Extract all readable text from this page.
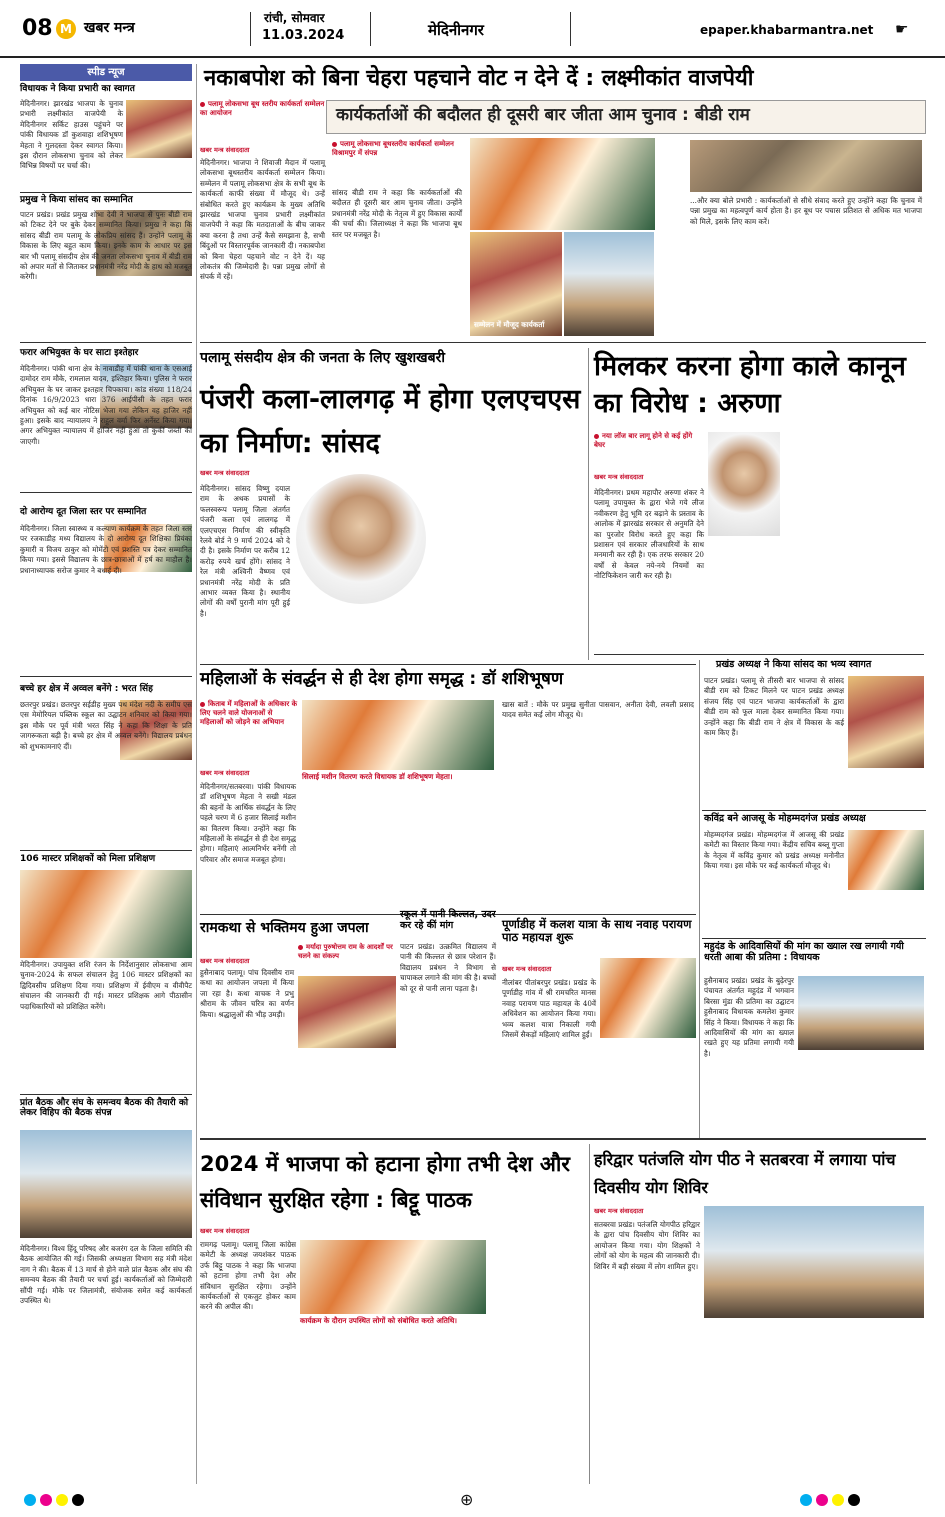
08 M खबर मन्त्र
रांची, सोमवार
11.03.2024	मेदिनीनगर	epaper.khabarmantra.net ☛
स्पीड न्यूज
विधायक ने किया प्रभारी का स्वागत
मेदिनीनगर। झारखंड भाजपा के चुनाव प्रभारी लक्ष्मीकांत वाजपेयी के मेदिनीनगर सर्किट हाउस पहुंचने पर पांकी विधायक डॉ कुशवाहा शशिभूषण मेहता ने गुलदस्ता देकर स्वागत किया। इस दौरान लोकसभा चुनाव को लेकर विभिन्न विषयों पर चर्चा की।
प्रमुख ने किया सांसद का सम्मानित
पाटन प्रखंड। प्रखंड प्रमुख शोभा देवी ने भाजपा से पुनः बीडी राम को टिकट देने पर बुके देकर सम्मानित किया। प्रमुख ने कहा कि सांसद बीडी राम पलामू के लोकप्रिय सांसद हैं। उन्होंने पलामू के विकास के लिए बहुत काम किया। इनके काम के आधार पर इस बार भी पलामू संसदीय क्षेत्र की जनता लोकसभा चुनाव में बीडी राम को अपार मतों से जिताकर प्रधानमंत्री नरेंद्र मोदी के हाथ को मजबूत करेगी।
फरार अभियुक्त के घर साटा इश्तेहार
मेदिनीनगर। पांकी थाना क्षेत्र के नावाडीह में पांकी थाना के एसआई दामोदर राम मौके, रामलाल यादव, इश्तिहार किया। पुलिस ने फरार अभियुक्त के घर जाकर इश्तहार चिपकाया। कांड संख्या 118/24 दिनांक 16/9/2023 धारा 376 आईपीसी के तहत फरार अभियुक्त को कई बार नोटिस भेजा गया लेकिन वह हाजिर नहीं हुआ। इसके बाद न्यायालय ने राहुल वर्मा फिर अर्नेस्ट किया गया। अगर अभियुक्त न्यायालय में हाजिर नहीं हुआ तो कुर्की जब्ती की जाएगी।
दो आरोग्य दूत जिला स्तर पर सम्मानित
मेदिनीनगर। जिला स्वास्थ्य व कल्याण कार्यक्रम के तहत जिला स्तर पर रजकाडीह मध्य विद्यालय के दो आरोग्य दूत शिक्षिका प्रियंका कुमारी व विजय ठाकुर को मोमेंटो एवं प्रशस्ति पत्र देकर सम्मानित किया गया। इससे विद्यालय के छात्र-छात्राओं में हर्ष का माहौल है। प्रधानाध्यापक सरोज कुमार ने बधाई दी।
बच्चे हर क्षेत्र में अव्वल बनेंगे : भरत सिंह
छतरपुर प्रखंड। छतरपुर सईडीह मुख्य पथ मंदेश नदी के समीप एस एस मेमोरियल पब्लिक स्कूल का उद्घाटन शनिवार को किया गया। इस मौके पर पूर्व मंत्री भरत सिंह ने कहा कि शिक्षा के प्रति जागरूकता बढ़ी है। बच्चे हर क्षेत्र में अव्वल बनेंगे। विद्यालय प्रबंधन को शुभकामनाएं दीं।
106 मास्टर प्रशिक्षकों को मिला प्रशिक्षण
मेदिनीनगर। उपायुक्त शशि रंजन के निर्देशानुसार लोकसभा आम चुनाव-2024 के सफल संचालन हेतु 106 मास्टर प्रशिक्षकों का द्विदिवसीय प्रशिक्षण दिया गया। प्रशिक्षण में ईवीएम व वीवीपैट संचालन की जानकारी दी गई। मास्टर प्रशिक्षक आगे पीठासीन पदाधिकारियों को प्रशिक्षित करेंगे।
प्रांत बैठक और संघ के समन्वय बैठक की तैयारी को लेकर विहिप की बैठक संपन्न
मेदिनीनगर। विश्व हिंदू परिषद और बजरंग दल के जिला समिति की बैठक आयोजित की गई। जिसकी अध्यक्षता विभाग सह मंत्री मंदेश नाग ने की। बैठक में 13 मार्च से होने वाले प्रांत बैठक और संघ की समन्वय बैठक की तैयारी पर चर्चा हुई। कार्यकर्ताओं को जिम्मेदारी सौंपी गई। मौके पर जिलामंत्री, संयोजक समेत कई कार्यकर्ता उपस्थित थे।
नकाबपोश को बिना चेहरा पहचाने वोट न देने दें : लक्ष्मीकांत वाजपेयी
पलामू लोकसभा बूथ स्तरीय कार्यकर्ता सम्मेलन का आयोजन	कार्यकर्ताओं की बदौलत ही दूसरी बार जीता आम चुनाव : बीडी राम
खबर मन्त्र संवाददाता
मेदिनीनगर। भाजपा ने शिवाजी मैदान में पलामू लोकसभा बूथस्तरीय कार्यकर्ता सम्मेलन किया। सम्मेलन में पलामू लोकसभा क्षेत्र के सभी बूथ के कार्यकर्ता काफी संख्या में मौजूद थे। उन्हें संबोधित करते हुए कार्यक्रम के मुख्य अतिथि झारखंड भाजपा चुनाव प्रभारी लक्ष्मीकांत वाजपेयी ने कहा कि मतदाताओं के बीच जाकर क्या करना है तथा उन्हें कैसे समझाना है, सभी बिंदुओं पर विस्तारपूर्वक जानकारी दी। नकाबपोश को बिना चेहरा पहचाने वोट न देने दें। यह लोकतंत्र की जिम्मेदारी है। पन्ना प्रमुख लोगों से संपर्क में रहें।
पलामू लोकसभा बूथस्तरीय कार्यकर्ता सम्मेलन विश्रामपुर में संपन्न
सांसद बीडी राम ने कहा कि कार्यकर्ताओं की बदौलत ही दूसरी बार आम चुनाव जीता। उन्होंने प्रधानमंत्री नरेंद्र मोदी के नेतृत्व में हुए विकास कार्यों की चर्चा की। जिलाध्यक्ष ने कहा कि भाजपा बूथ स्तर पर मजबूत है।
सम्मेलन में मौजूद कार्यकर्ता
...और क्या बोले प्रभारी : कार्यकर्ताओं से सीधे संवाद करते हुए उन्होंने कहा कि चुनाव में पन्ना प्रमुख का महत्वपूर्ण कार्य होता है। हर बूथ पर पचास प्रतिशत से अधिक मत भाजपा को मिले, इसके लिए काम करें।
पलामू संसदीय क्षेत्र की जनता के लिए खुशखबरी
पंजरी कला-लालगढ़ में होगा एलएचएस का निर्माण: सांसद
खबर मन्त्र संवाददाता
मेदिनीनगर। सांसद विष्णु दयाल राम के अथक प्रयासों के फलस्वरूप पलामू जिला अंतर्गत पंजरी कला एवं लालगढ़ में एलएचएस निर्माण की स्वीकृति रेलवे बोर्ड ने 9 मार्च 2024 को दे दी है। इसके निर्माण पर करीब 12 करोड़ रुपये खर्च होंगे। सांसद ने रेल मंत्री अश्विनी वैष्णव एवं प्रधानमंत्री नरेंद्र मोदी के प्रति आभार व्यक्त किया है। स्थानीय लोगों की वर्षों पुरानी मांग पूरी हुई है।
मिलकर करना होगा काले कानून का विरोध : अरुणा
नया लॉज बार लागू होने से कई होंगे बेघर
खबर मन्त्र संवाददाता
मेदिनीनगर। प्रथम महापौर अरुणा शंकर ने पलामू उपायुक्त के द्वारा भेजे गये लीज नवीकरण हेतु भूमि दर बढ़ाने के प्रस्ताव के आलोक में झारखंड सरकार से अनुमति देने का पुरजोर विरोध करते हुए कहा कि प्रशासन एवं सरकार लीजधारियों के साथ मनमानी कर रही है। एक तरफ सरकार 20 वर्षों से केवल नये-नये नियमों का नोटिफिकेशन जारी कर रही है।
प्रखंड अध्यक्ष ने किया सांसद का भव्य स्वागत
पाटन प्रखंड। पलामू से तीसरी बार भाजपा से सांसद बीडी राम को टिकट मिलने पर पाटन प्रखंड अध्यक्ष संजय सिंह एवं पाटन भाजपा कार्यकर्ताओं के द्वारा बीडी राम को फूल माला देकर सम्मानित किया गया। उन्होंने कहा कि बीडी राम ने क्षेत्र में विकास के कई काम किए हैं।
कविंद्र बने आजसू के मोहम्मदगंज प्रखंड अध्यक्ष
मोहम्मदगंज प्रखंड। मोहम्मदगंज में आजसू की प्रखंड कमेटी का विस्तार किया गया। केंद्रीय सचिव बब्लू गुप्ता के नेतृत्व में कविंद्र कुमार को प्रखंड अध्यक्ष मनोनीत किया गया। इस मौके पर कई कार्यकर्ता मौजूद थे।
महुदंड के आदिवासियों की मांग का ख्याल रख लगायी गयी धरती आबा की प्रतिमा : विधायक
हुसैनाबाद प्रखंड। प्रखंड के बुढ़ेरपुर पंचायत अंतर्गत महुदंड में भगवान बिरसा मुंडा की प्रतिमा का उद्घाटन हुसैनाबाद विधायक कमलेश कुमार सिंह ने किया। विधायक ने कहा कि आदिवासियों की मांग का ख्याल रखते हुए यह प्रतिमा लगायी गयी है।
महिलाओं के संवर्द्धन से ही देश होगा समृद्ध : डॉ शशिभूषण
किताब में महिलाओं के अधिकार के लिए चलने वाले योजनाओं से महिलाओं को जोड़ने का अभियान
सिलाई मशीन वितरण करते विधायक डॉ शशिभूषण मेहता।
खबर मन्त्र संवाददाता
मेदिनीनगर/सतबरवा। पांकी विधायक डॉ शशिभूषण मेहता ने सखी मंडल की बहनों के आर्थिक संवर्द्धन के लिए पहले चरण में 6 हजार सिलाई मशीन का वितरण किया। उन्होंने कहा कि महिलाओं के संवर्द्धन से ही देश समृद्ध होगा। महिलाएं आत्मनिर्भर बनेंगी तो परिवार और समाज मजबूत होगा।
खास बातें : मौके पर प्रमुख सुनीता पासवान, अनीता देवी, लवली प्रसाद यादव समेत कई लोग मौजूद थे।
रामकथा से भक्तिमय हुआ जपला
मर्यादा पुरुषोत्तम राम के आदर्शों पर चलने का संकल्प
खबर मन्त्र संवाददाता
हुसैनाबाद पलामू। पांच दिवसीय राम कथा का आयोजन जपला में किया जा रहा है। कथा वाचक ने प्रभु श्रीराम के जीवन चरित्र का वर्णन किया। श्रद्धालुओं की भीड़ उमड़ी।
स्कूल में पानी किल्लत, उदर कर रहे कीं मांग
पाटन प्रखंड। उत्क्रमित विद्यालय में पानी की किल्लत से छात्र परेशान हैं। विद्यालय प्रबंधन ने विभाग से चापाकल लगाने की मांग की है। बच्चों को दूर से पानी लाना पड़ता है।
पूर्णाडीह में कलश यात्रा के साथ नवाह परायण पाठ महायज्ञ शुरू
खबर मन्त्र संवाददाता
नीलांबर पीतांबरपुर प्रखंड। प्रखंड के पूर्णाडीह गांव में श्री रामचरित मानस नवाह परायण पाठ महायज्ञ के 40वें अधिवेशन का आयोजन किया गया। भव्य कलश यात्रा निकाली गयी जिसमें सैकड़ों महिलाएं शामिल हुईं।
2024 में भाजपा को हटाना होगा तभी देश और संविधान सुरक्षित रहेगा : बिट्टू पाठक
खबर मन्त्र संवाददाता
रामगढ़ पलामू। पलामू जिला कांग्रेस कमेटी के अध्यक्ष जयशंकर पाठक उर्फ बिट्टू पाठक ने कहा कि भाजपा को हटाना होगा तभी देश और संविधान सुरक्षित रहेगा। उन्होंने कार्यकर्ताओं से एकजुट होकर काम करने की अपील की।
कार्यक्रम के दौरान उपस्थित लोगों को संबोधित करते अतिथि।
हरिद्वार पतंजलि योग पीठ ने सतबरवा में लगाया पांच दिवसीय योग शिविर
खबर मन्त्र संवाददाता
सतबरवा प्रखंड। पतंजलि योगपीठ हरिद्वार के द्वारा पांच दिवसीय योग शिविर का आयोजन किया गया। योग शिक्षकों ने लोगों को योग के महत्व की जानकारी दी। शिविर में बड़ी संख्या में लोग शामिल हुए।
⊕
